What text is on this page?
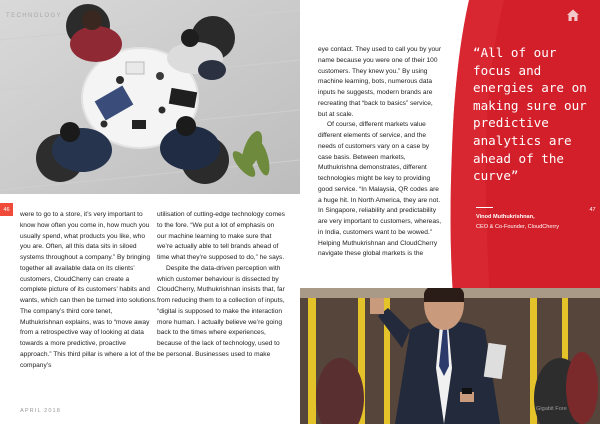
TECHNOLOGY
46	47

were to go to a store, it’s very important to know how often you come in, how much you usually spend, what products you like, who you are. Often, all this data sits in siloed systems throughout a company.” By bringing together all available data on its clients’ customers, CloudCherry can create a complete picture of its customers’ habits and wants, which can then be turned into solutions. The company’s third core tenet, Muthukrishnan explains, was to “move away from a retrospective way of looking at data towards a more predictive, proactive approach.” This third pillar is where a lot of the company’s

utilisation of cutting-edge technology comes to the fore. “We put a lot of emphasis on our machine learning to make sure that we’re actually able to tell brands ahead of time what they’re supposed to do,” he says.

Despite the data-driven perception with which customer behaviour is dissected by CloudCherry, Muthukrishnan insists that, far from reducing them to a collection of inputs, “digital is supposed to make the interaction more human. I actually believe we’re going back to the times where experiences, because of the lack of technology, used to be personal. Businesses used to make

eye contact. They used to call you by your name because you were one of their 100 customers. They knew you.” By using machine learning, bots, numerous data inputs he suggests, modern brands are recreating that “back to basics” service, but at scale.

Of course, different markets value different elements of service, and the needs of customers vary on a case by case basis. Between markets, Muthukrishna demonstrates, different technologies might be key to providing good service. “In Malaysia, QR codes are a huge hit. In North America, they are not. In Singapore, reliability and predictability are very important to customers, whereas, in India, customers want to be wowed.” Helping Muthukrishnan and CloudCherry navigate these global markets is the

“All of our focus and energies are on making sure our predictive analytics are ahead of the curve”
Vinod Muthukrishnan,
CEO & Co-Founder, CloudCherry
APRIL 2018	Gigabit Fore
